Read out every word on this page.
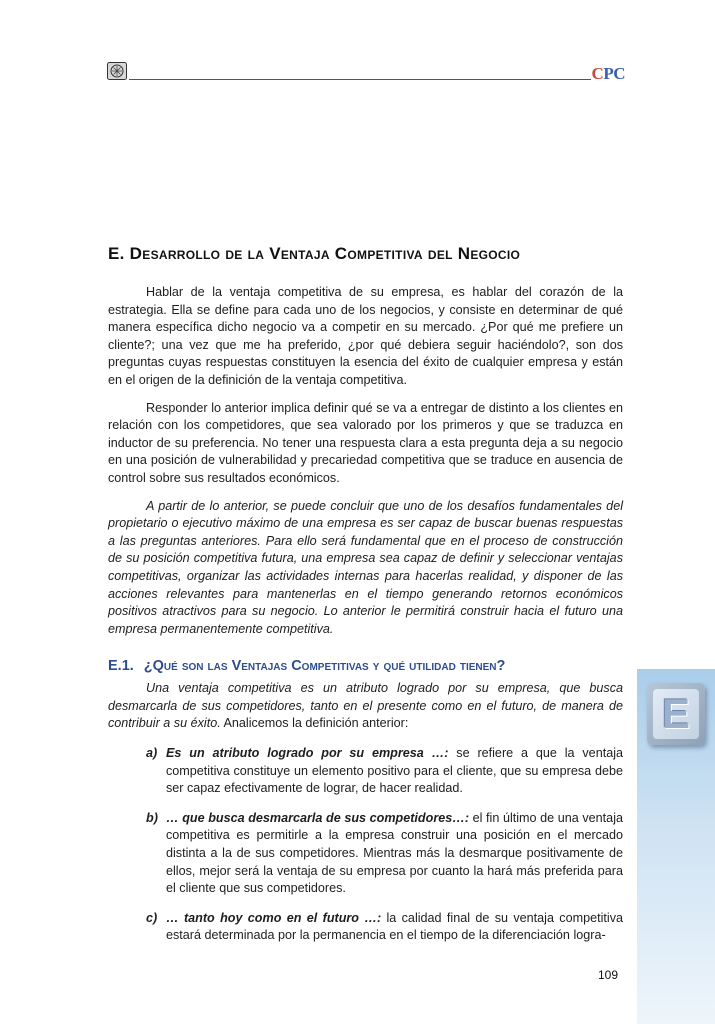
CPC
E. Desarrollo de la Ventaja Competitiva del Negocio

Hablar de la ventaja competitiva de su empresa, es hablar del corazón de la estrategia. Ella se define para cada uno de los negocios, y consiste en determinar de qué manera específica dicho negocio va a competir en su mercado. ¿Por qué me prefiere un cliente?; una vez que me ha preferido, ¿por qué debiera seguir haciéndolo?, son dos preguntas cuyas respuestas constituyen la esencia del éxito de cualquier empresa y están en el origen de la definición de la ventaja competitiva.

Responder lo anterior implica definir qué se va a entregar de distinto a los clientes en relación con los competidores, que sea valorado por los primeros y que se traduzca en inductor de su preferencia. No tener una respuesta clara a esta pregunta deja a su negocio en una posición de vulnerabilidad y precariedad competitiva que se traduce en ausencia de control sobre sus resultados económicos.

A partir de lo anterior, se puede concluir que uno de los desafíos fundamentales del propietario o ejecutivo máximo de una empresa es ser capaz de buscar buenas respuestas a las preguntas anteriores. Para ello será fundamental que en el proceso de construcción de su posición competitiva futura, una empresa sea capaz de definir y seleccionar ventajas competitivas, organizar las actividades internas para hacerlas realidad, y disponer de las acciones relevantes para mantenerlas en el tiempo generando retornos económicos positivos atractivos para su negocio. Lo anterior le permitirá construir hacia el futuro una empresa permanentemente competitiva.

E.1. ¿Qué son las Ventajas Competitivas y qué utilidad tienen?

Una ventaja competitiva es un atributo logrado por su empresa, que busca desmarcarla de sus competidores, tanto en el presente como en el futuro, de manera de contribuir a su éxito. Analicemos la definición anterior:

a) Es un atributo logrado por su empresa …: se refiere a que la ventaja competitiva constituye un elemento positivo para el cliente, que su empresa debe ser capaz efectivamente de lograr, de hacer realidad.
b) … que busca desmarcarla de sus competidores…: el fin último de una ventaja competitiva es permitirle a la empresa construir una posición en el mercado distinta a la de sus competidores. Mientras más la desmarque positivamente de ellos, mejor será la ventaja de su empresa por cuanto la hará más preferida para el cliente que sus competidores.
c) … tanto hoy como en el futuro …: la calidad final de su ventaja competitiva estará determinada por la permanencia en el tiempo de la diferenciación logra-
E
109
